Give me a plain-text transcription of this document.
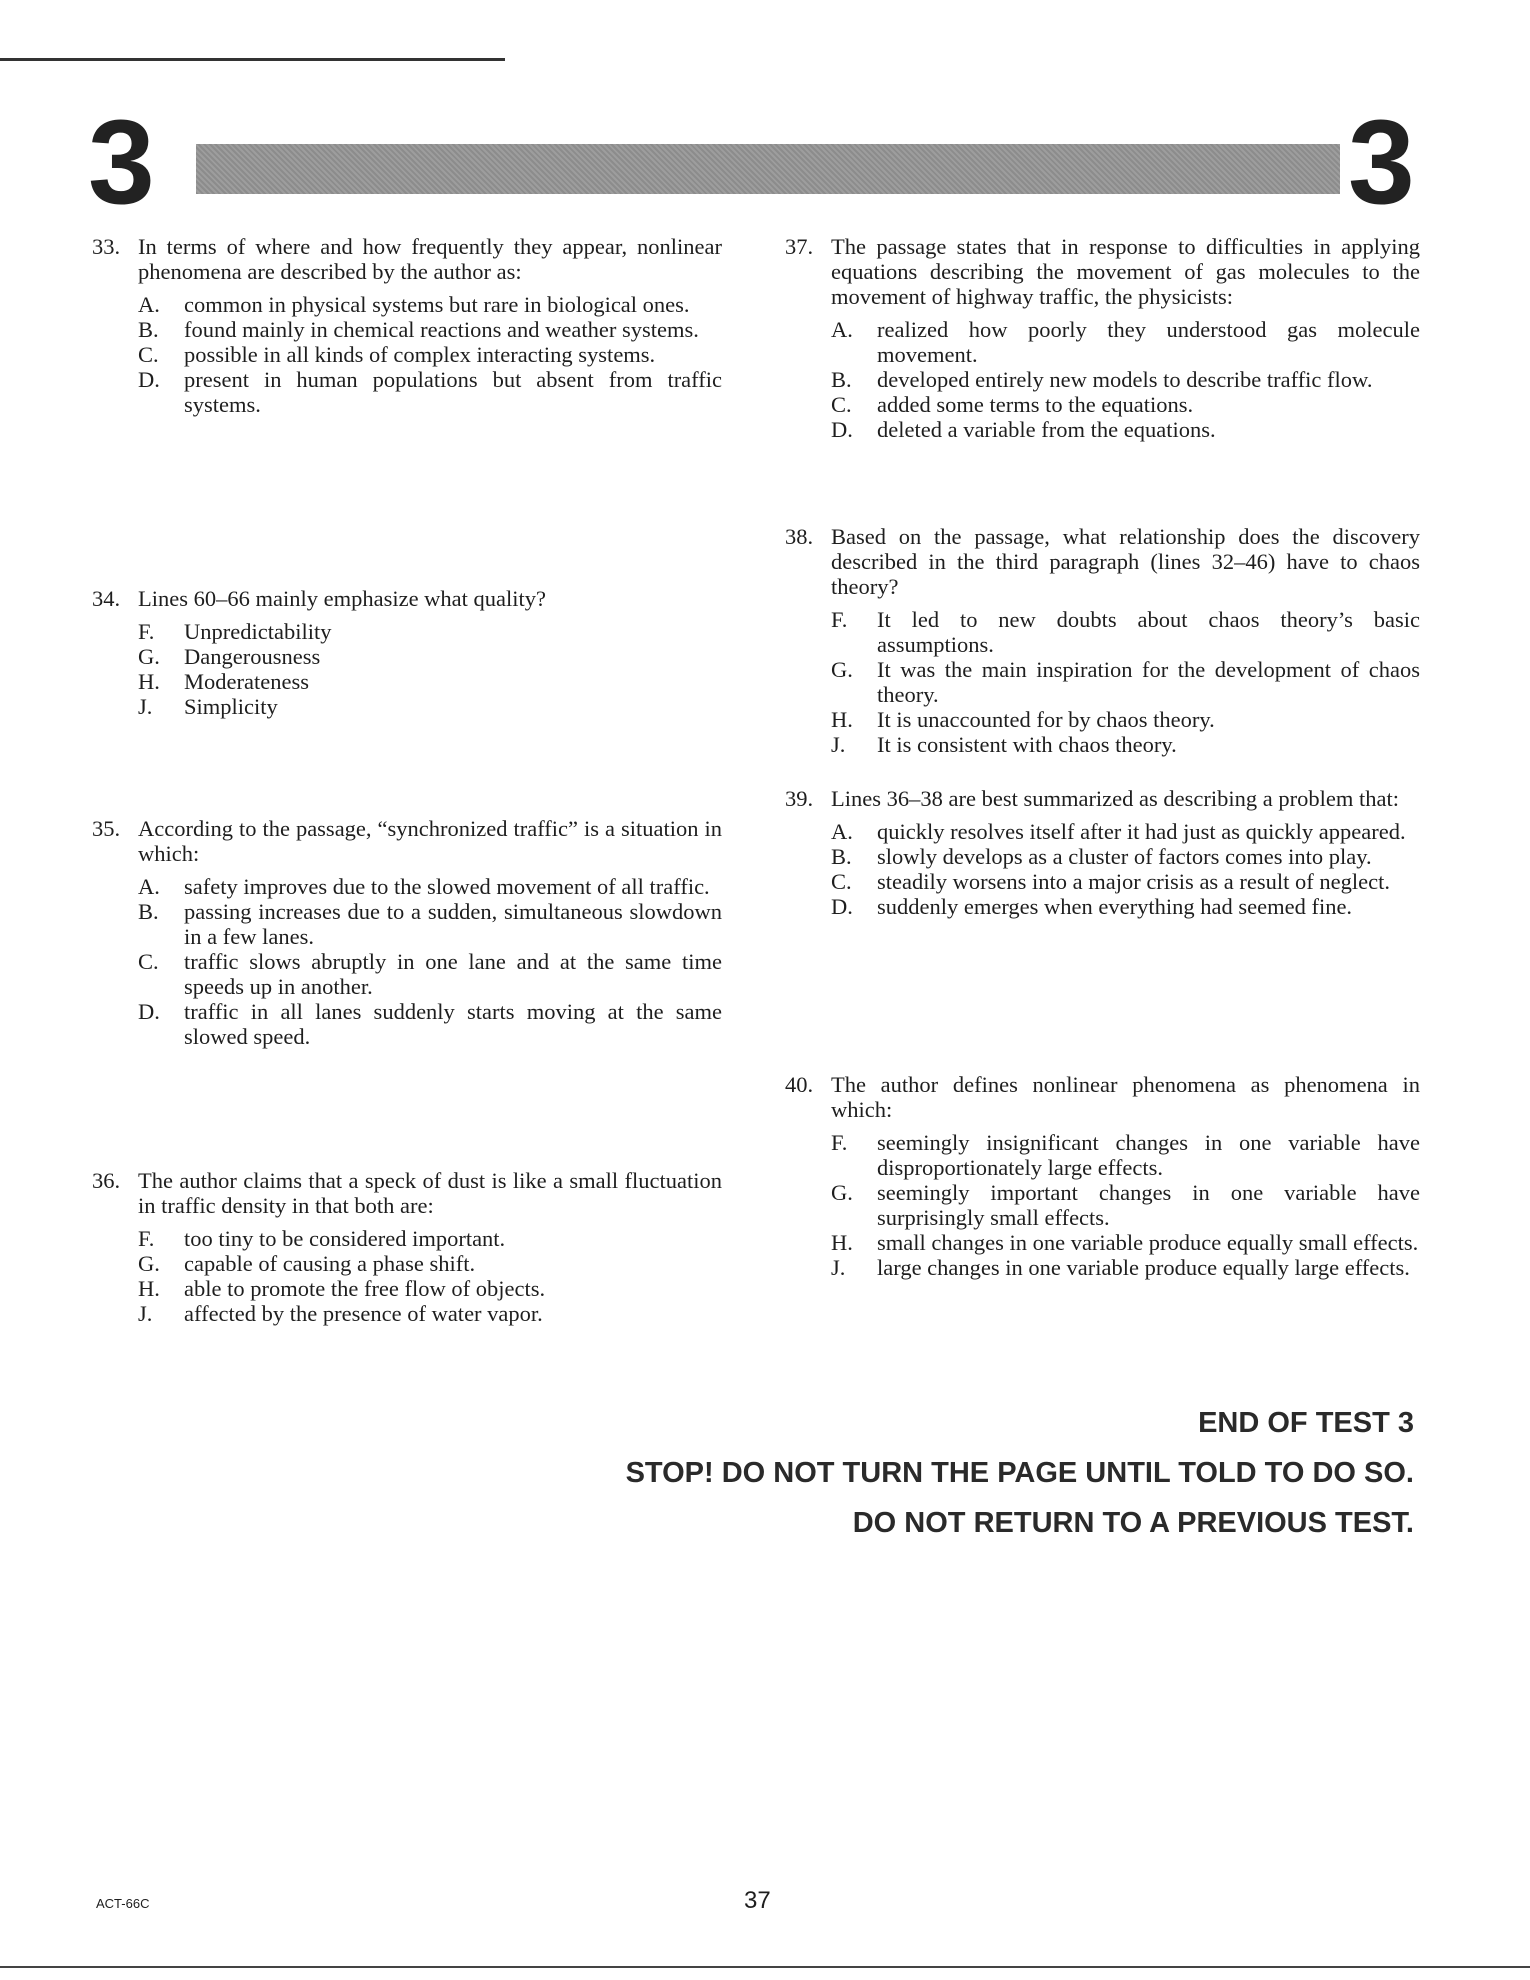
3	3
33. In terms of where and how frequently they appear, nonlinear phenomena are described by the author as:
A.	common in physical systems but rare in biological ones.
B.	found mainly in chemical reactions and weather systems.
C.	possible in all kinds of complex interacting systems.
D.	present in human populations but absent from traffic systems.
34. Lines 60–66 mainly emphasize what quality?
F.	Unpredictability
G.	Dangerousness
H.	Moderateness
J.	Simplicity
35. According to the passage, “synchronized traffic” is a situation in which:
A.	safety improves due to the slowed movement of all traffic.
B.	passing increases due to a sudden, simultaneous slowdown in a few lanes.
C.	traffic slows abruptly in one lane and at the same time speeds up in another.
D.	traffic in all lanes suddenly starts moving at the same slowed speed.
36. The author claims that a speck of dust is like a small fluctuation in traffic density in that both are:
F.	too tiny to be considered important.
G.	capable of causing a phase shift.
H.	able to promote the free flow of objects.
J.	affected by the presence of water vapor.
37. The passage states that in response to difficulties in applying equations describing the movement of gas molecules to the movement of highway traffic, the physicists:
A.	realized how poorly they understood gas molecule movement.
B.	developed entirely new models to describe traffic flow.
C.	added some terms to the equations.
D.	deleted a variable from the equations.
38. Based on the passage, what relationship does the discovery described in the third paragraph (lines 32–46) have to chaos theory?
F.	It led to new doubts about chaos theory’s basic assumptions.
G.	It was the main inspiration for the development of chaos theory.
H.	It is unaccounted for by chaos theory.
J.	It is consistent with chaos theory.
39. Lines 36–38 are best summarized as describing a problem that:
A.	quickly resolves itself after it had just as quickly appeared.
B.	slowly develops as a cluster of factors comes into play.
C.	steadily worsens into a major crisis as a result of neglect.
D.	suddenly emerges when everything had seemed fine.
40. The author defines nonlinear phenomena as phenomena in which:
F.	seemingly insignificant changes in one variable have disproportionately large effects.
G.	seemingly important changes in one variable have surprisingly small effects.
H.	small changes in one variable produce equally small effects.
J.	large changes in one variable produce equally large effects.
END OF TEST 3
STOP! DO NOT TURN THE PAGE UNTIL TOLD TO DO SO.
DO NOT RETURN TO A PREVIOUS TEST.
ACT-66C	37
